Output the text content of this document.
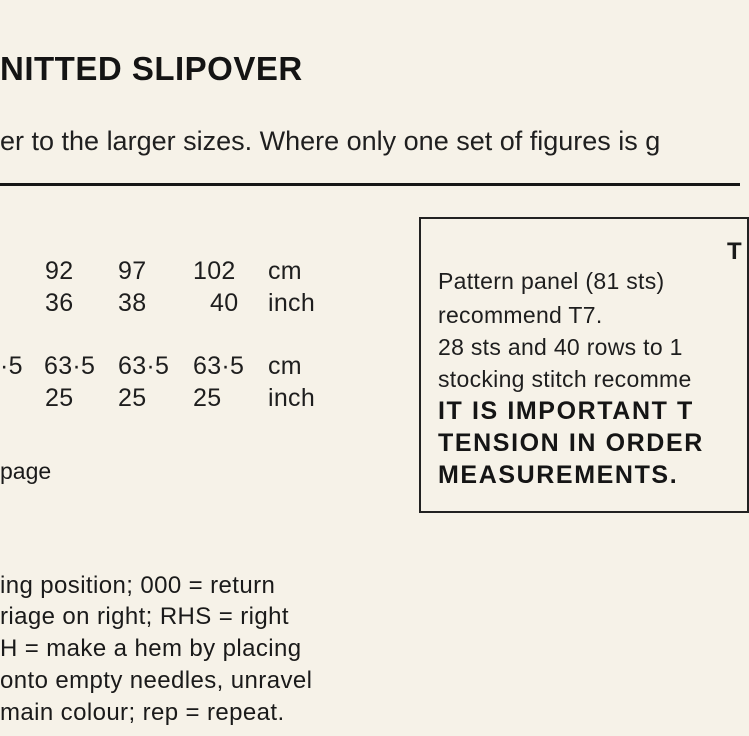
NITTED SLIPOVER
er to the larger sizes. Where only one set of figures is g
92 97 102 cm
36 38	40 inch
·5 63·5 63·5 63·5 cm
25 25 25 inch
page
ing position; 000 = return
riage on right; RHS = right
H = make a hem by placing
onto empty needles, unravel
main colour; rep = repeat.
T
Pattern panel (81 sts)
recommend T7.
28 sts and 40 rows to 1
stocking stitch recomme
IT IS IMPORTANT T
TENSION IN ORDER
MEASUREMENTS.
